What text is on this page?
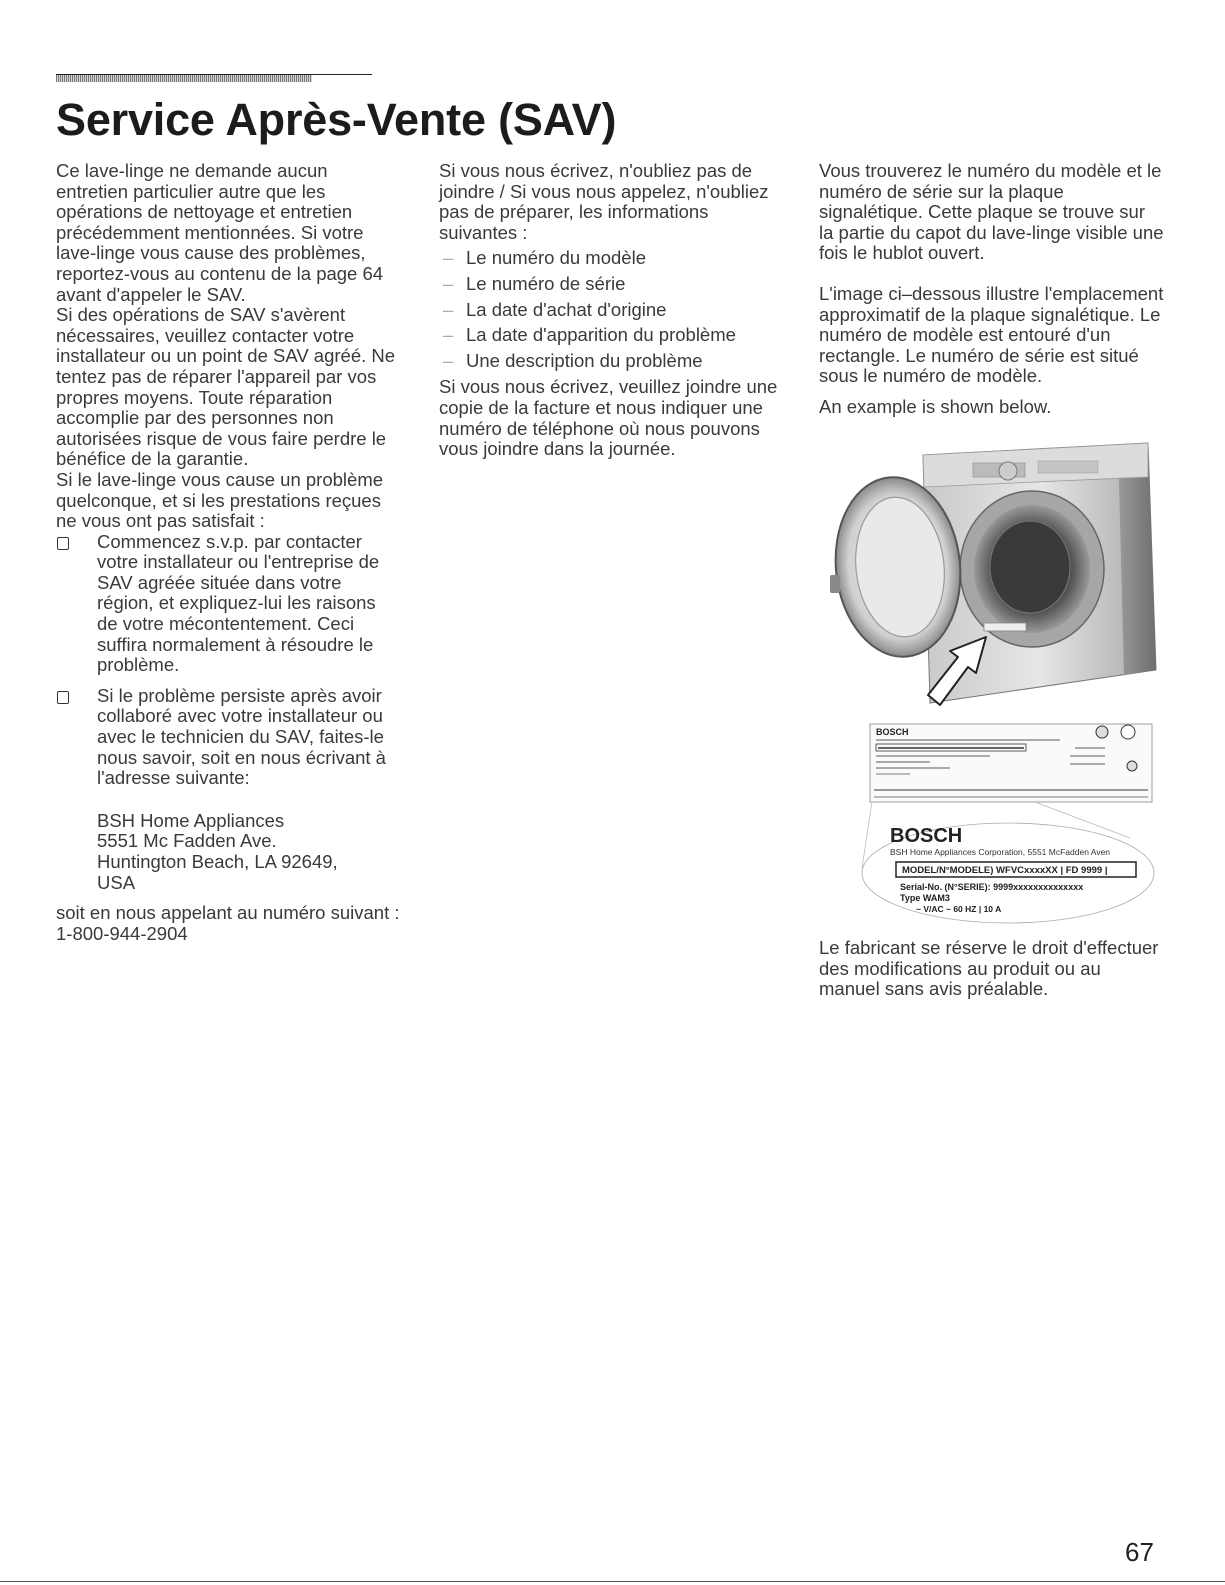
Service Après-Vente (SAV)

Ce lave-linge ne demande aucun entretien particulier autre que les opérations de nettoyage et entretien précédemment mentionnées. Si votre lave-linge vous cause des problèmes, reportez-vous au contenu de la page 64 avant d'appeler le SAV.

Si des opérations de SAV s'avèrent nécessaires, veuillez contacter votre installateur ou un point de SAV agréé. Ne tentez pas de réparer l'appareil par vos propres moyens. Toute réparation accomplie par des personnes non autorisées risque de vous faire perdre le bénéfice de la garantie.

Si le lave-linge vous cause un problème quelconque, et si les prestations reçues ne vous ont pas satisfait :

Commencez s.v.p. par contacter votre installateur ou l'entreprise de SAV agréée située dans votre région, et expliquez-lui les raisons de votre mécontentement. Ceci suffira normalement à résoudre le problème.
Si le problème persiste après avoir collaboré avec votre installateur ou avec le technicien du SAV, faites-le nous savoir, soit en nous écrivant à l'adresse suivante:
BSH Home Appliances
5551 Mc Fadden Ave.
Huntington Beach, LA 92649,
USA

soit en nous appelant au numéro suivant :

1-800-944-2904

Si vous nous écrivez, n'oubliez pas de joindre / Si vous nous appelez, n'oubliez pas de préparer, les informations suivantes :

– Le numéro du modèle
– Le numéro de série
– La date d'achat d'origine
– La date d'apparition du problème
– Une description du problème

Si vous nous écrivez, veuillez joindre une copie de la facture et nous indiquer une numéro de téléphone où nous pouvons vous joindre dans la journée.

Vous trouverez le numéro du modèle et le numéro de série sur la plaque signalétique. Cette plaque se trouve sur la partie du capot du lave-linge visible une fois le hublot ouvert.

L'image ci–dessous illustre l'emplacement approximatif de la plaque signalétique. Le numéro de modèle est entouré d'un rectangle. Le numéro de série est situé sous le numéro de modèle.

An example is shown below.

BOSCH
BOSCH
BSH Home Appliances Corporation, 5551 McFadden Aven
MODEL/N°MODELE) WFVCxxxxXX | FD 9999 |
Serial-No. (N°SERIE): 9999xxxxxxxxxxxxxx
Type WAM3
~ V/AC ~ 60 HZ | 10 A

Le fabricant se réserve le droit d'effectuer des modifications au produit ou au manuel sans avis préalable.

67
